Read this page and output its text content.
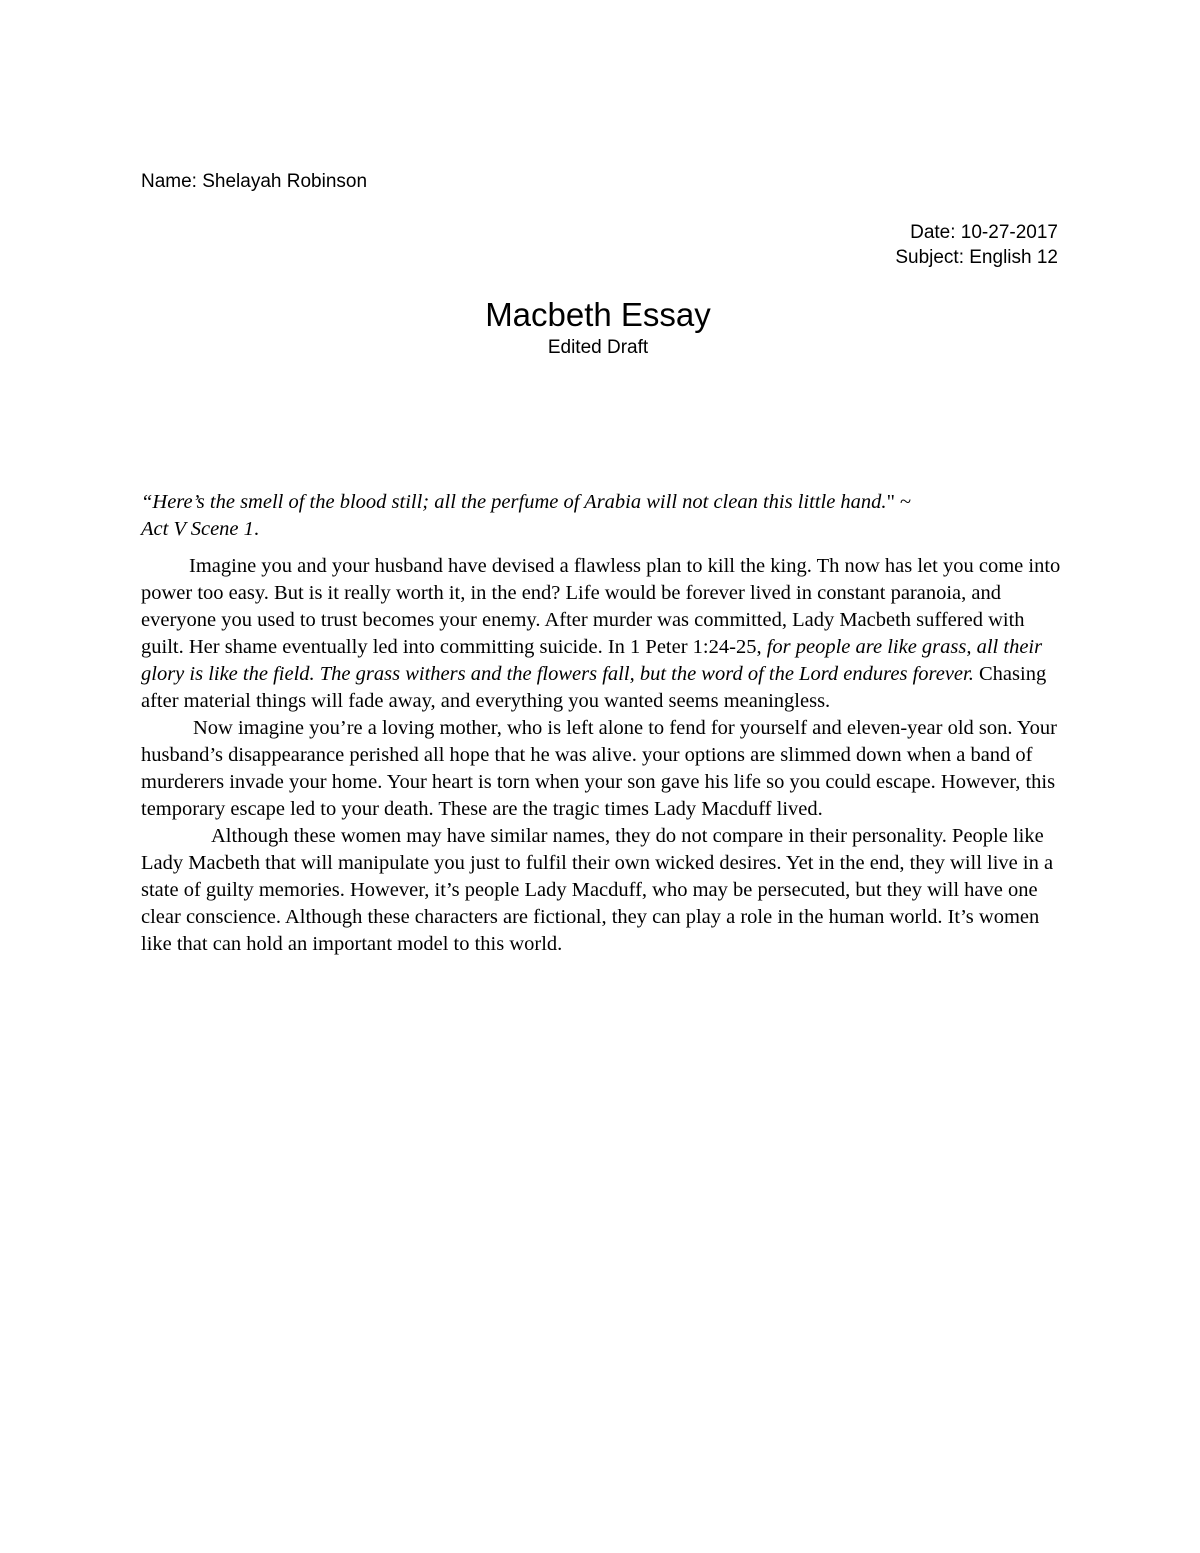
Name: Shelayah Robinson
Date: 10-27-2017
Subject: English 12
Macbeth Essay
Edited Draft
“Here’s the smell of the blood still; all the perfume of Arabia will not clean this little hand." ~
Act V Scene 1.

Imagine you and your husband have devised a flawless plan to kill the king. Th now has let you come into power too easy. But is it really worth it, in the end? Life would be forever lived in constant paranoia, and everyone you used to trust becomes your enemy. After murder was committed, Lady Macbeth suffered with guilt. Her shame eventually led into committing suicide. In 1 Peter 1:24-25, for people are like grass, all their glory is like the field. The grass withers and the flowers fall, but the word of the Lord endures forever. Chasing after material things will fade away, and everything you wanted seems meaningless.

Now imagine you’re a loving mother, who is left alone to fend for yourself and eleven-year old son. Your husband’s disappearance perished all hope that he was alive. your options are slimmed down when a band of murderers invade your home. Your heart is torn when your son gave his life so you could escape. However, this temporary escape led to your death. These are the tragic times Lady Macduff lived.

Although these women may have similar names, they do not compare in their personality. People like Lady Macbeth that will manipulate you just to fulfil their own wicked desires. Yet in the end, they will live in a state of guilty memories. However, it’s people Lady Macduff, who may be persecuted, but they will have one clear conscience. Although these characters are fictional, they can play a role in the human world. It’s women like that can hold an important model to this world.
